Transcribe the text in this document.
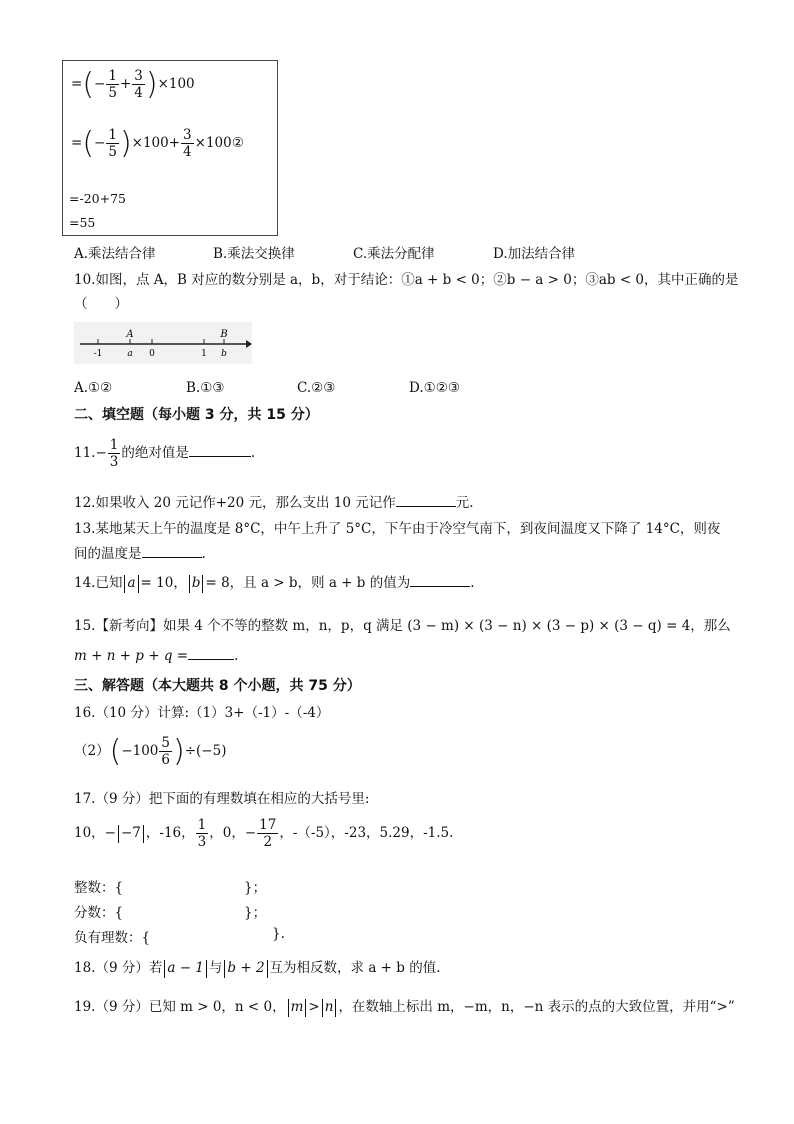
=(− $\frac{1}{5} + \frac{3}{4} )\times 100$
=(− $\frac{1}{5} )\times 100+ \frac{3}{4}$ ×100②
=-20+75
=55
A.乘法结合律	B.乘法交换律	C.乘法分配律	D.加法结合律
10.如图，点 A，B 对应的数分别是 a，b，对于结论：①a + b < 0；②b − a > 0；③ab < 0，其中正确的是
（　　）
A	B
-1	a 0	1 b
A.①②	B.①③	C.②③	D.①②③
二、填空题（每小题 3 分，共 15 分）
$11.- \frac{1}{3}$ 的绝对值是	.
12.如果收入 20 元记作+20 元，那么支出 10 元记作	元.
13.某地某天上午的温度是 8°C，中午上升了 5°C，下午由于冷空气南下，到夜间温度又下降了 14°C，则夜
间的温度是	.
14.已知 a = 10， b = 8，且 a > b，则 a + b 的值为	.
15.【新考向】如果 4 个不等的整数 m，n，p，q 满足 (3 − m) × (3 − n) × (3 − p) × (3 − q) = 4，那么
m + n + p + q =	.
三、解答题（本大题共 8 个小题，共 75 分）
16.（10 分）计算:（1）3+（-1）-（-4）
$(2)(-100 \frac{5}{6} )\div(-5)$
17.（9 分）把下面的有理数填在相应的大括号里:
10，− −7 ，-16， $\frac{1}{3}$ ，0，− $\frac{17}{2}$ ，-（-5），-23，5.29，-1.5.
整数：{	}；
分数：{	}；
负有理数：{	}.
18.（9 分）若 a − 1 与 b + 2 互为相反数，求 a + b 的值.
19.（9 分）已知 m > 0，n < 0， m > n ，在数轴上标出 m，−m，n，−n 表示的点的大致位置，并用“>”
